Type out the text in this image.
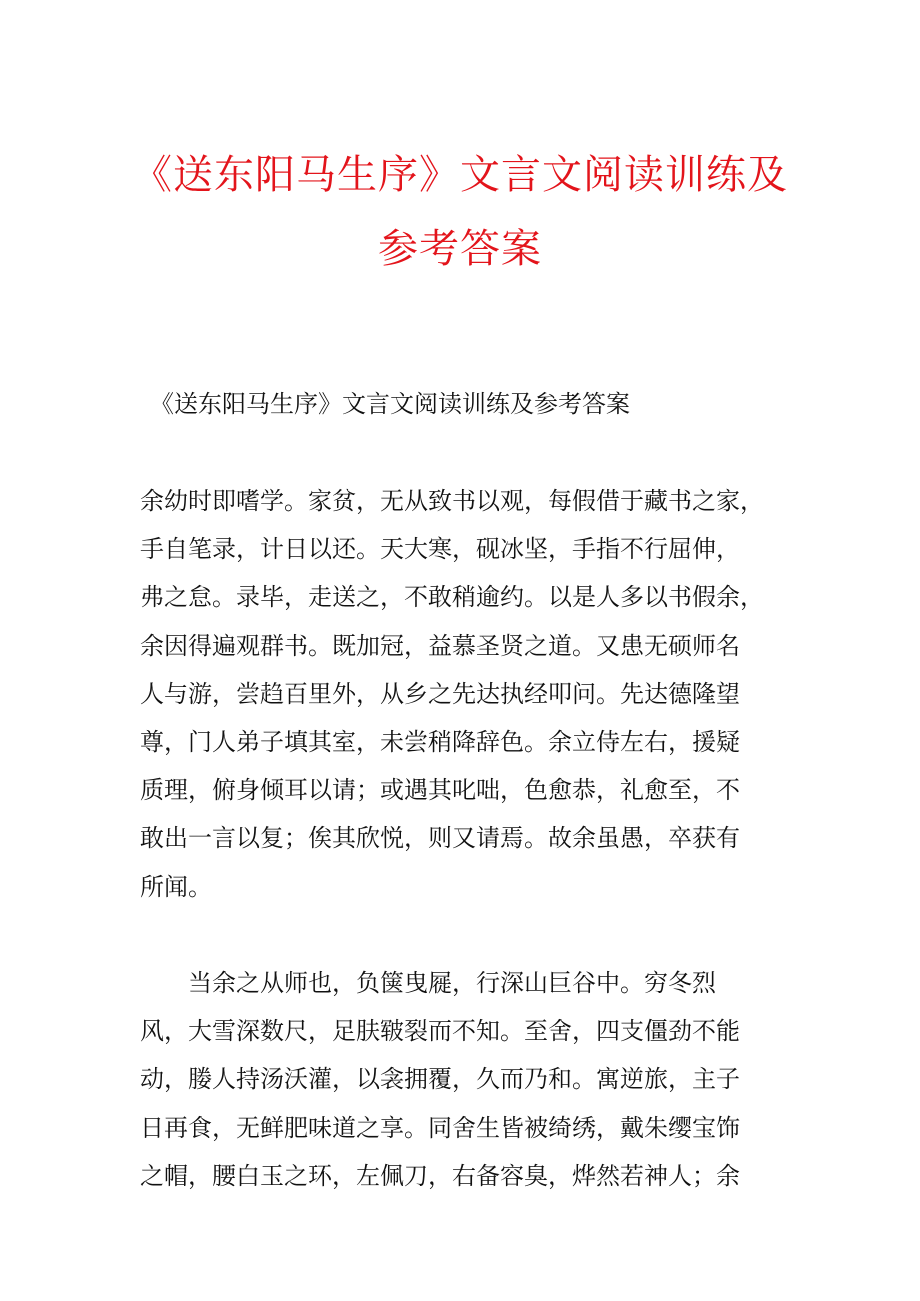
《送东阳马生序》文言文阅读训练及
参考答案
《送东阳马生序》文言文阅读训练及参考答案
余幼时即嗜学。家贫，无从致书以观，每假借于藏书之家，
手自笔录，计日以还。天大寒，砚冰坚，手指不行屈伸，
弗之怠。录毕，走送之，不敢稍逾约。以是人多以书假余，
余因得遍观群书。既加冠，益慕圣贤之道。又患无硕师名
人与游，尝趋百里外，从乡之先达执经叩问。先达德隆望
尊，门人弟子填其室，未尝稍降辞色。余立侍左右，援疑
质理，俯身倾耳以请；或遇其叱咄，色愈恭，礼愈至，不
敢出一言以复；俟其欣悦，则又请焉。故余虽愚，卒获有
所闻。
　　当余之从师也，负箧曳屣，行深山巨谷中。穷冬烈
风，大雪深数尺，足肤皲裂而不知。至舍，四支僵劲不能
动，媵人持汤沃灌，以衾拥覆，久而乃和。寓逆旅，主子
日再食，无鲜肥味道之享。同舍生皆被绮绣，戴朱缨宝饰
之帽，腰白玉之环，左佩刀，右备容臭，烨然若神人；余
